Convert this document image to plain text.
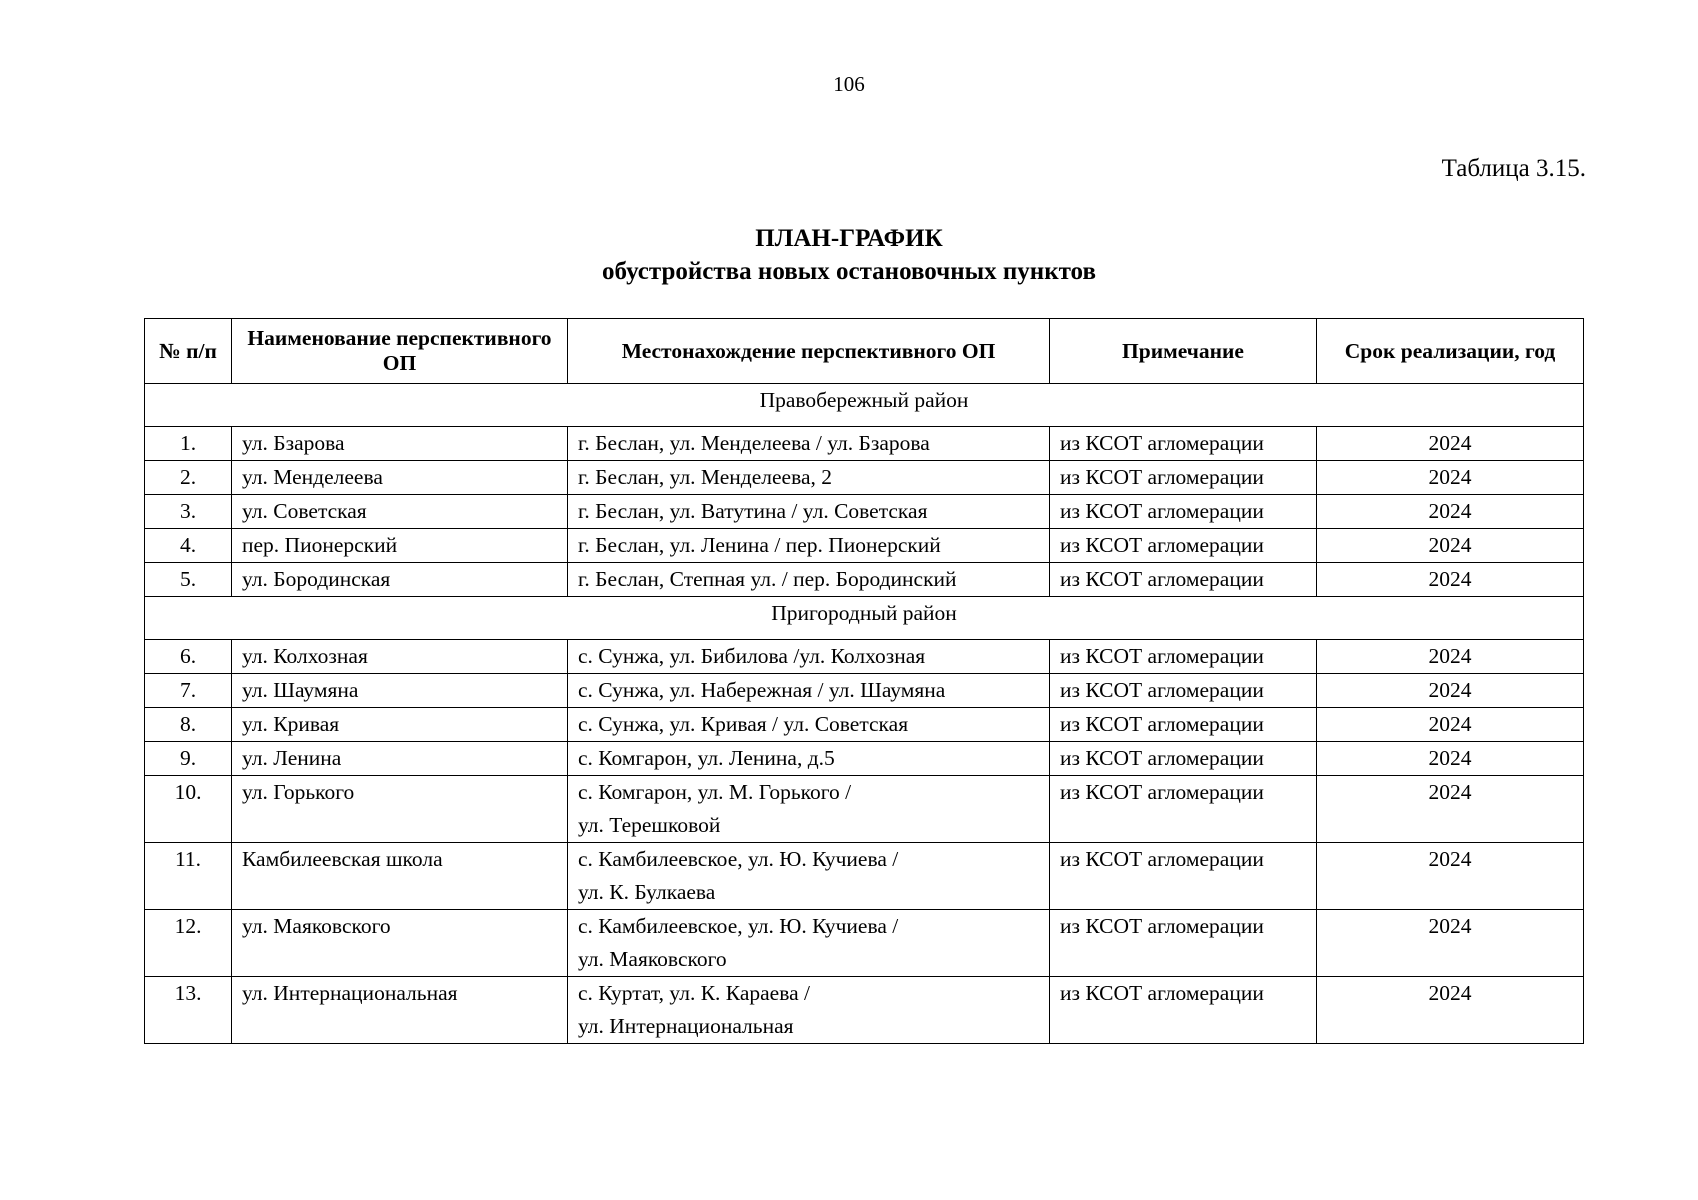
106
Таблица 3.15.
ПЛАН-ГРАФИК
обустройства новых остановочных пунктов
№ п/п	Наименование перспективного ОП	Местонахождение перспективного ОП	Примечание	Срок реализации, год
Правобережный район				
1.	ул. Бзарова	г. Беслан, ул. Менделеева / ул. Бзарова	из КСОТ агломерации	2024
2.	ул. Менделеева	г. Беслан, ул. Менделеева, 2	из КСОТ агломерации	2024
3.	ул. Советская	г. Беслан, ул. Ватутина / ул. Советская	из КСОТ агломерации	2024
4.	пер. Пионерский	г. Беслан, ул. Ленина / пер. Пионерский	из КСОТ агломерации	2024
5.	ул. Бородинская	г. Беслан, Степная ул. / пер. Бородинский	из КСОТ агломерации	2024
Пригородный район				
6.	ул. Колхозная	с. Сунжа, ул. Бибилова /ул. Колхозная	из КСОТ агломерации	2024
7.	ул. Шаумяна	с. Сунжа, ул. Набережная / ул. Шаумяна	из КСОТ агломерации	2024
8.	ул. Кривая	с. Сунжа, ул. Кривая / ул. Советская	из КСОТ агломерации	2024
9.	ул. Ленина	с. Комгарон, ул. Ленина, д.5	из КСОТ агломерации	2024
10.	ул. Горького	с. Комгарон, ул. М. Горького /
ул. Терешковой	из КСОТ агломерации	2024
11.	Камбилеевская школа	с. Камбилеевское, ул. Ю. Кучиева /
ул. К. Булкаева	из КСОТ агломерации	2024
12.	ул. Маяковского	с. Камбилеевское, ул. Ю. Кучиева /
ул. Маяковского	из КСОТ агломерации	2024
13.	ул. Интернациональная	с. Куртат, ул. К. Караева /
ул. Интернациональная	из КСОТ агломерации	2024
